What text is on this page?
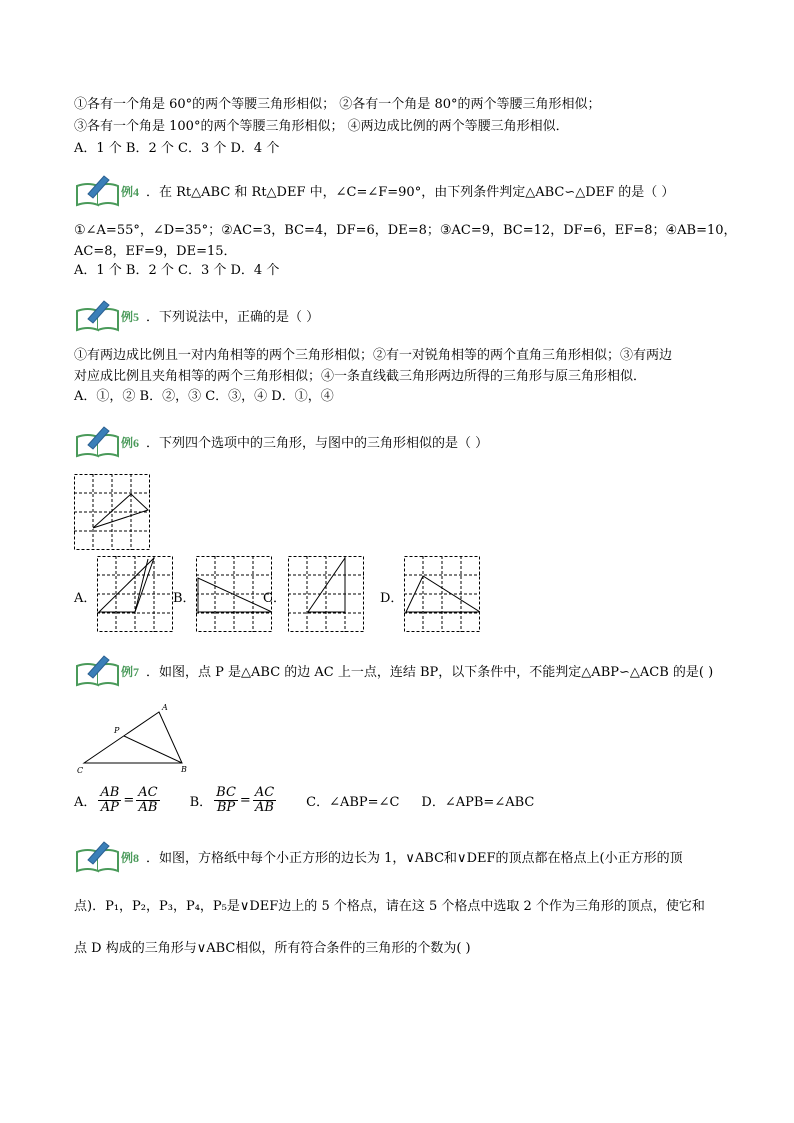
①各有一个角是 60°的两个等腰三角形相似； ②各有一个角是 80°的两个等腰三角形相似；
③各有一个角是 100°的两个等腰三角形相似； ④两边成比例的两个等腰三角形相似．
A．1 个 B．2 个 C．3 个 D．4 个
例4 ．在 Rt△ABC 和 Rt△DEF 中，∠C=∠F=90°，由下列条件判定△ABC∽△DEF 的是（ ）
①∠A=55°，∠D=35°；②AC=3，BC=4，DF=6，DE=8；③AC=9，BC=12，DF=6，EF=8；④AB=10，
AC=8，EF=9，DE=15．
A．1 个 B．2 个 C．3 个 D．4 个
例5 ．下列说法中，正确的是（ ）
①有两边成比例且一对内角相等的两个三角形相似；②有一对锐角相等的两个直角三角形相似；③有两边
对应成比例且夹角相等的两个三角形相似；④一条直线截三角形两边所得的三角形与原三角形相似．
A．①，② B．②，③ C．③，④ D．①，④
例6 ．下列四个选项中的三角形，与图中的三角形相似的是（ ）
A．	B．	C．	D．
例7 ．如图，点 P 是△ABC 的边 AC 上一点，连结 BP，以下条件中，不能判定△ABP∽△ACB 的是( )
A
P
C	B
A． $\frac{AB}{AP} = \frac{AC}{AB}$ B． $\frac{BC}{BP} = \frac{AC}{AB}$ C．∠ABP=∠C D．∠APB=∠ABC
例8 ．如图，方格纸中每个小正方形的边长为 1，∨ABC和∨DEF的顶点都在格点上(小正方形的顶
点)．P₁，P₂，P₃，P₄，P₅是∨DEF边上的 5 个格点，请在这 5 个格点中选取 2 个作为三角形的顶点，使它和
点 D 构成的三角形与∨ABC相似，所有符合条件的三角形的个数为( )
